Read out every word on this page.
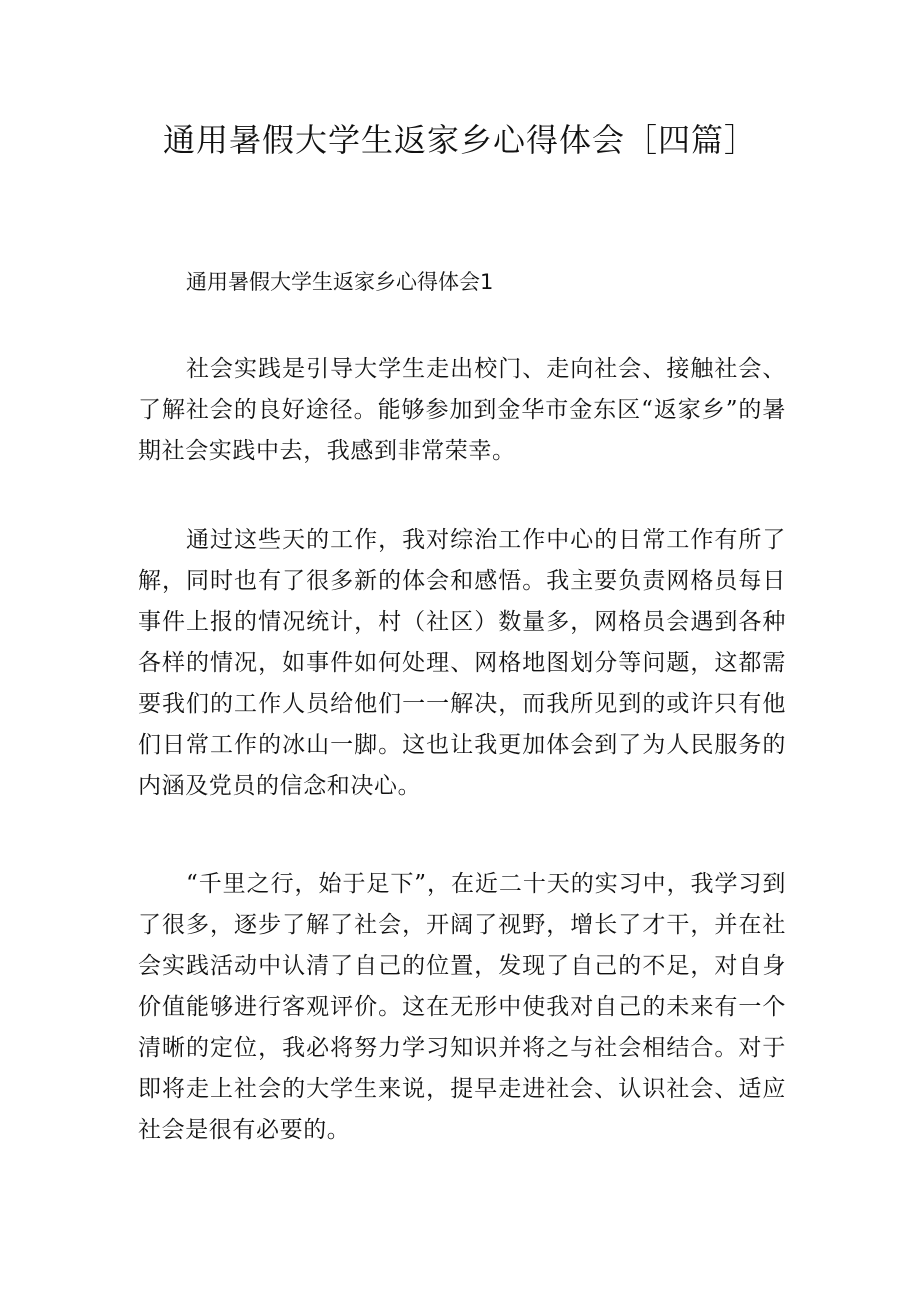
通用暑假大学生返家乡心得体会［四篇］
通用暑假大学生返家乡心得体会1

社会实践是引导大学生走出校门、走向社会、接触社会、了解社会的良好途径。能够参加到金华市金东区“返家乡”的暑期社会实践中去，我感到非常荣幸。

通过这些天的工作，我对综治工作中心的日常工作有所了解，同时也有了很多新的体会和感悟。我主要负责网格员每日事件上报的情况统计，村（社区）数量多，网格员会遇到各种各样的情况，如事件如何处理、网格地图划分等问题，这都需要我们的工作人员给他们一一解决，而我所见到的或许只有他们日常工作的冰山一脚。这也让我更加体会到了为人民服务的内涵及党员的信念和决心。

“千里之行，始于足下”，在近二十天的实习中，我学习到了很多，逐步了解了社会，开阔了视野，增长了才干，并在社会实践活动中认清了自己的位置，发现了自己的不足，对自身价值能够进行客观评价。这在无形中使我对自己的未来有一个清晰的定位，我必将努力学习知识并将之与社会相结合。对于即将走上社会的大学生来说，提早走进社会、认识社会、适应社会是很有必要的。
